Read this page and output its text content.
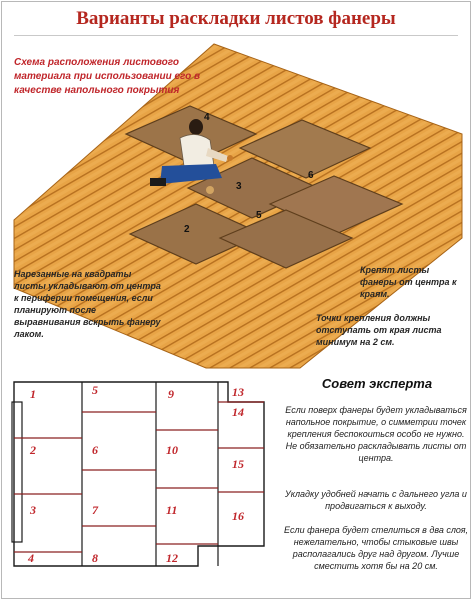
Варианты раскладки листов фанеры
4
6
3
5
2
Схема расположения листового материала при использовании его в качестве напольного покрытия
Нарезанные на квадраты листы укладывают от центра к периферии помещения, если планируют после выравнивания вскрыть фанеру лаком.
Крепят листы фанеры от центра к краям.
Точки крепления должны отступать от края листа минимум на 2 см.
1
2
3
4
5
6
7
8
9
10
11
12
13
14
15
16
Совет эксперта
Если поверх фанеры будет укладываться напольное покрытие, о симметрии точек крепления беспокоиться особо не нужно. Не обязательно раскладывать листы от центра.
Укладку удобней начать с дальнего угла и продвигаться к выходу.
Если фанера будет стелиться в два слоя, нежелательно, чтобы стыковые швы располагались друг над другом. Лучше сместить хотя бы на 20 см.
